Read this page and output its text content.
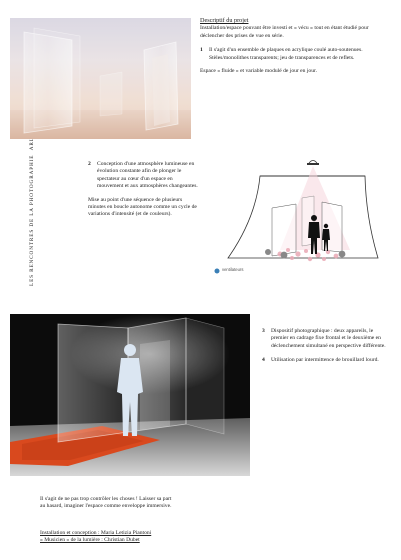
LES RENCONTRES DE LA PHOTOGRAPHIE
Descriptif du projet
Installation/espace pouvant être investi et « vécu » tout en étant étudié pour déclencher des prises de vue en série.
1	Il s'agit d'un ensemble de plaques en acrylique coulé auto-soutenues. Stèles/monolithes transparents; jeu de transparences et de reflets.
Espace « fluide » et variable modulé de jour en jour.
2	Conception d'une atmosphère lumineuse en évolution constante afin de plonger le spectateur au cœur d'un espace en mouvement et aux atmosphères changeantes.
Mise au point d'une séquence de plusieurs minutes en boucle autonome comme un cycle de variations d'intensité (et de couleurs).
ventilateurs
3	Dispositif photographique : deux appareils, le premier en cadrage fixe frontal et le deuxième en déclenchement simultané en perspective différente.
4	Utilisation par intermittence de brouillard lourd.
Il s'agit de ne pas trop contrôler les choses ! Laisser sa part au hasard, imaginer l'espace comme enveloppe immersive.
Installation et conception : Maria Letizia Piantoni
« Musicien » de la lumière : Christian Dubet
